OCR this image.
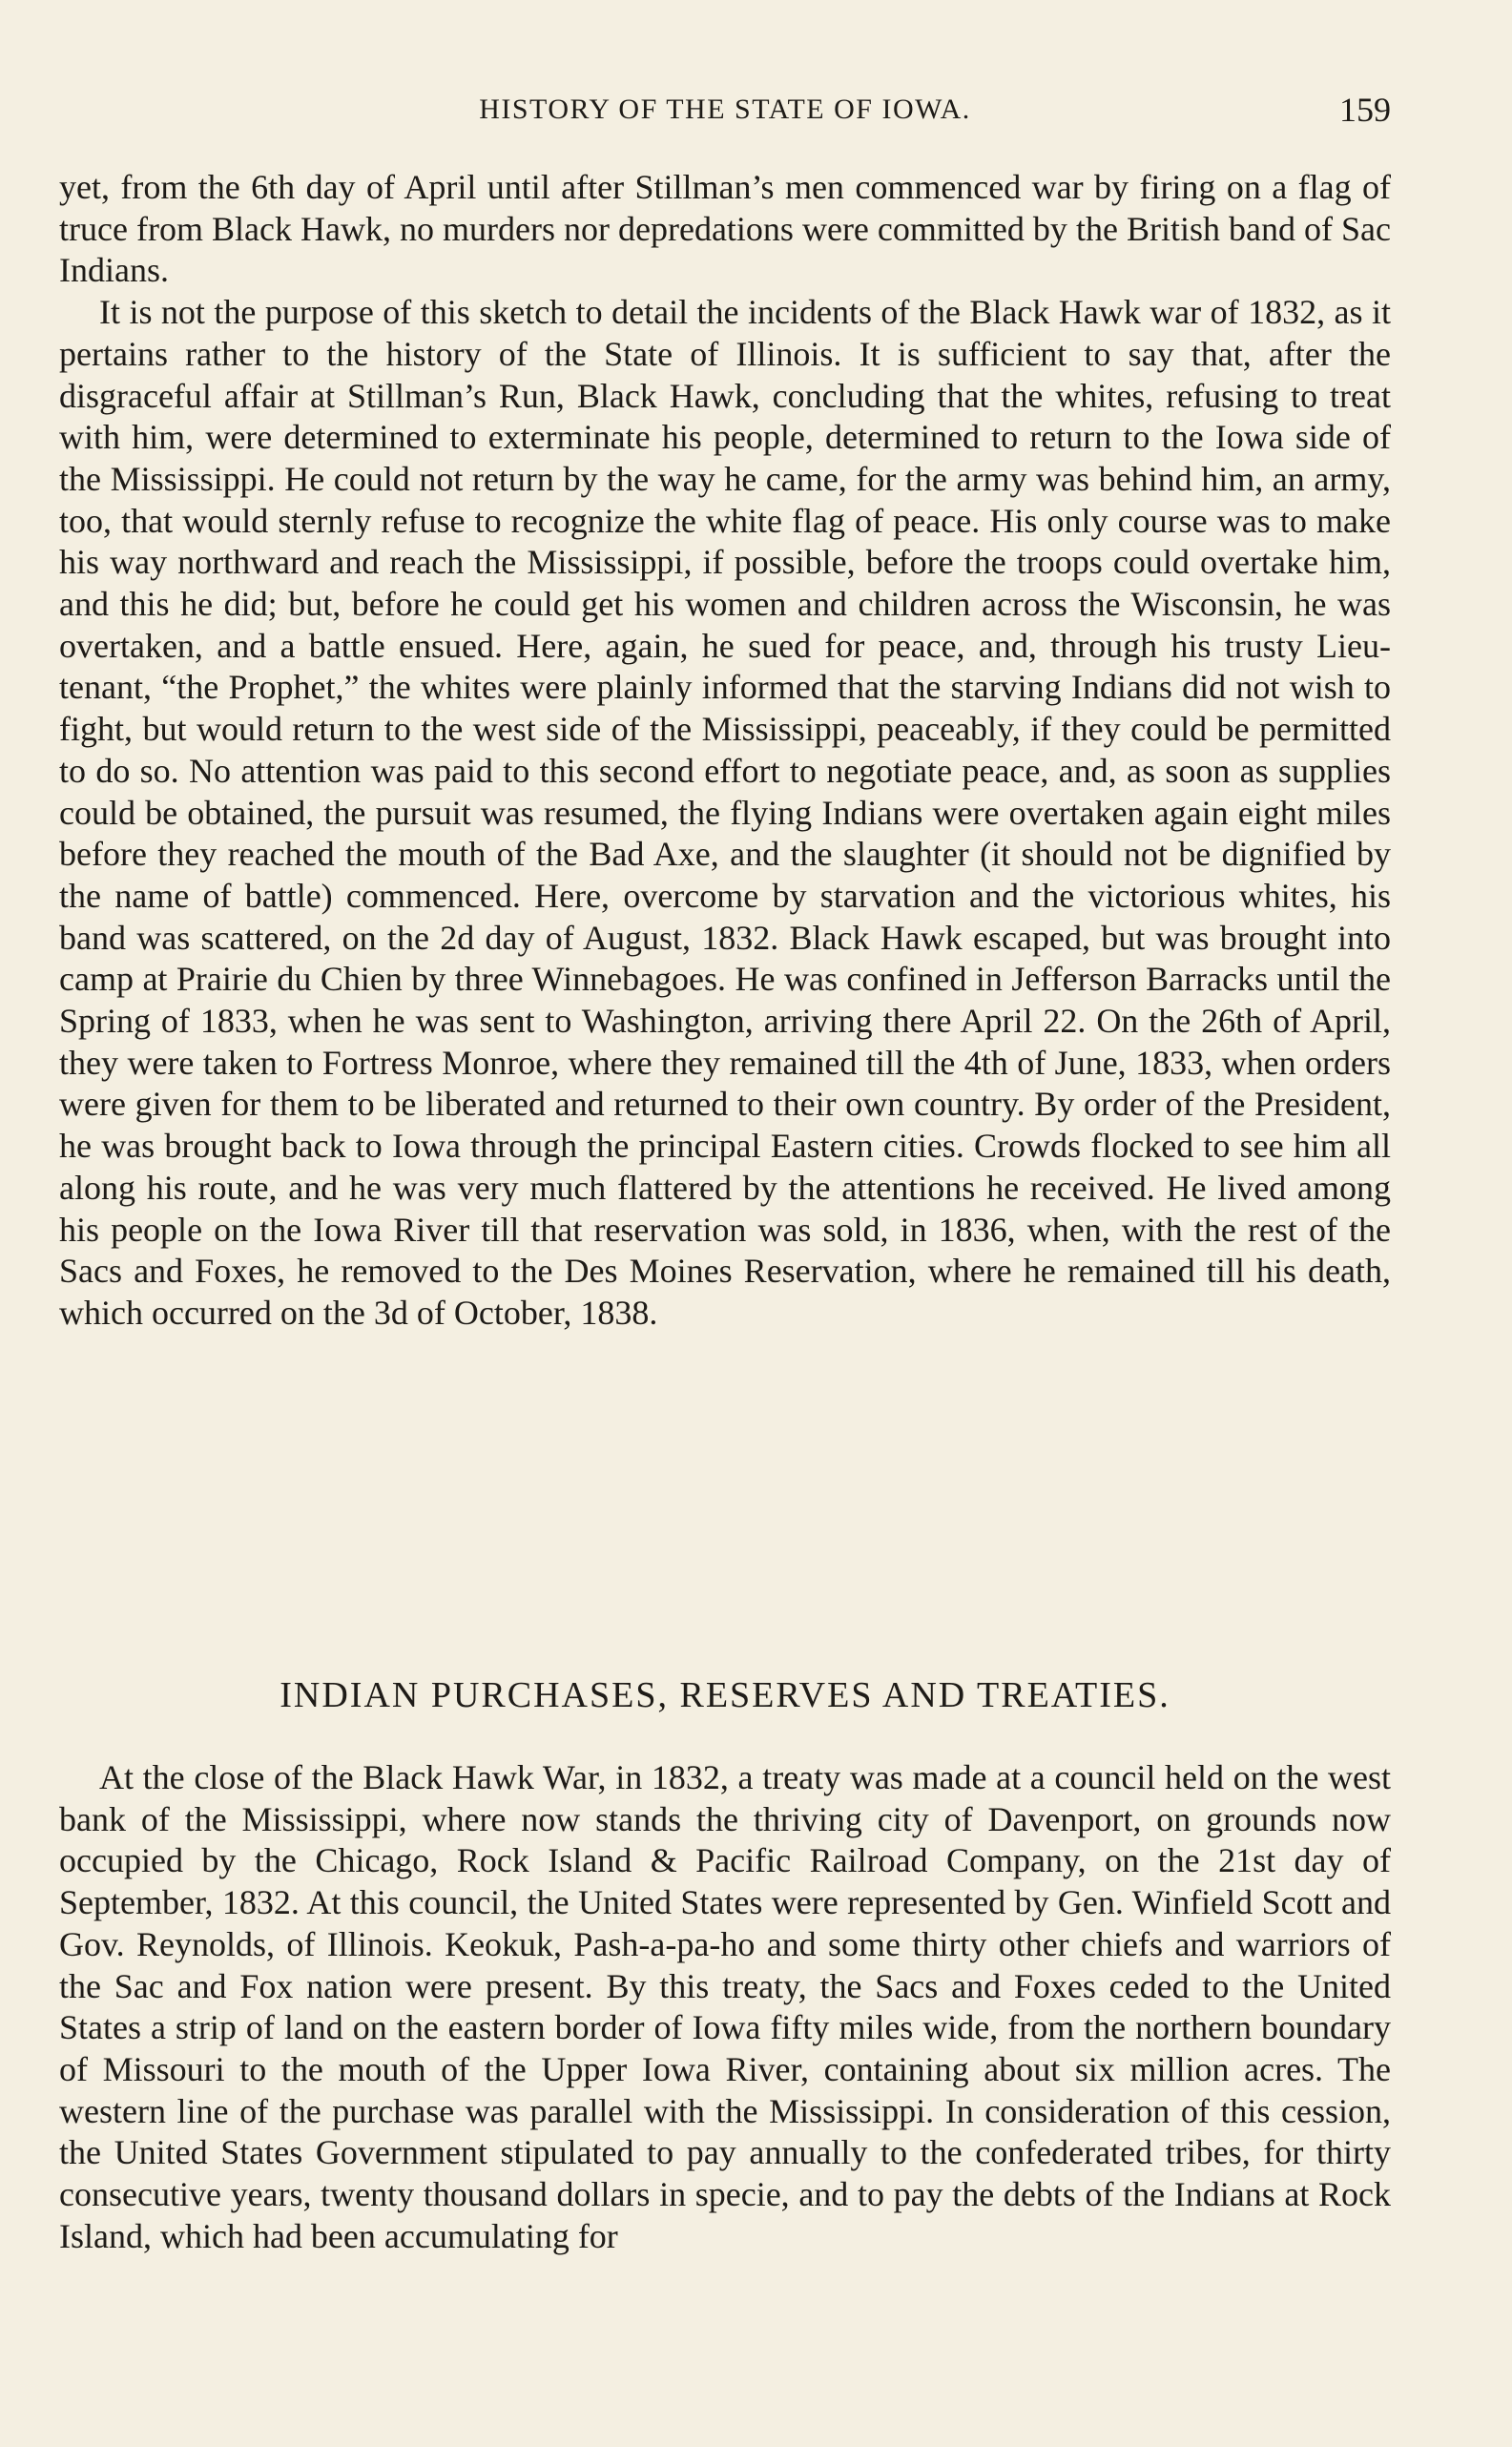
HISTORY OF THE STATE OF IOWA.	159

yet, from the 6th day of April until after Stillman’s men commenced war by firing on a flag of truce from Black Hawk, no murders nor depredations were committed by the British band of Sac Indians.

It is not the purpose of this sketch to detail the incidents of the Black Hawk war of 1832, as it pertains rather to the history of the State of Illinois. It is sufficient to say that, after the disgraceful affair at Stillman’s Run, Black Hawk, concluding that the whites, refusing to treat with him, were determined to exterminate his people, determined to return to the Iowa side of the Mississippi. He could not return by the way he came, for the army was behind him, an army, too, that would sternly refuse to recognize the white flag of peace. His only course was to make his way northward and reach the Mississippi, if possible, before the troops could overtake him, and this he did; but, before he could get his women and children across the Wisconsin, he was overtaken, and a battle ensued. Here, again, he sued for peace, and, through his trusty Lieutenant, “the Prophet,” the whites were plainly informed that the starving Indians did not wish to fight, but would return to the west side of the Mississippi, peaceably, if they could be permitted to do so. No attention was paid to this second effort to negotiate peace, and, as soon as supplies could be obtained, the pursuit was resumed, the flying Indians were overtaken again eight miles before they reached the mouth of the Bad Axe, and the slaughter (it should not be dignified by the name of battle) commenced. Here, overcome by starvation and the victorious whites, his band was scattered, on the 2d day of August, 1832. Black Hawk escaped, but was brought into camp at Prairie du Chien by three Winnebagoes. He was confined in Jefferson Barracks until the Spring of 1833, when he was sent to Washington, arriving there April 22. On the 26th of April, they were taken to Fortress Monroe, where they remained till the 4th of June, 1833, when orders were given for them to be liberated and returned to their own country. By order of the President, he was brought back to Iowa through the principal Eastern cities. Crowds flocked to see him all along his route, and he was very much flattered by the attentions he received. He lived among his people on the Iowa River till that reservation was sold, in 1836, when, with the rest of the Sacs and Foxes, he removed to the Des Moines Reservation, where he remained till his death, which occurred on the 3d of October, 1838.

INDIAN PURCHASES, RESERVES AND TREATIES.

At the close of the Black Hawk War, in 1832, a treaty was made at a council held on the west bank of the Mississippi, where now stands the thriving city of Davenport, on grounds now occupied by the Chicago, Rock Island & Pacific Railroad Company, on the 21st day of September, 1832. At this council, the United States were represented by Gen. Winfield Scott and Gov. Reynolds, of Illinois. Keokuk, Pash-a-pa-ho and some thirty other chiefs and warriors of the Sac and Fox nation were present. By this treaty, the Sacs and Foxes ceded to the United States a strip of land on the eastern border of Iowa fifty miles wide, from the northern boundary of Missouri to the mouth of the Upper Iowa River, containing about six million acres. The western line of the purchase was parallel with the Mississippi. In consideration of this cession, the United States Government stipulated to pay annually to the confederated tribes, for thirty consecutive years, twenty thousand dollars in specie, and to pay the debts of the Indians at Rock Island, which had been accumulating for
